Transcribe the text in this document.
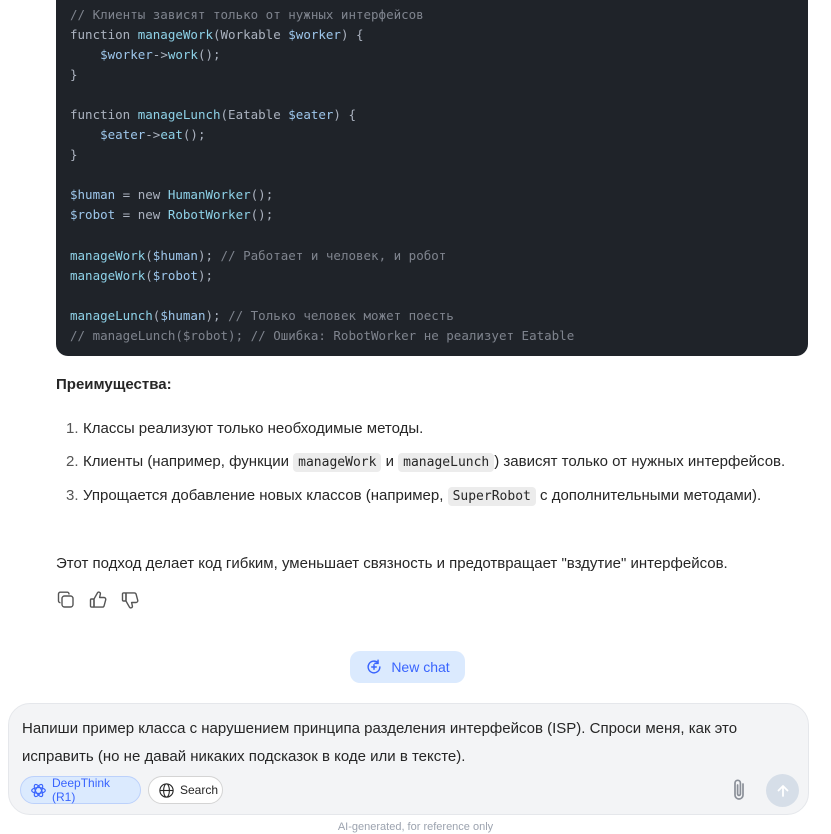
// Клиенты зависят только от нужных интерфейсов
function manageWork(Workable $worker) {
$worker->work();
}

function manageLunch(Eatable $eater) {
$eater->eat();
}

$human = new HumanWorker();
$robot = new RobotWorker();

manageWork($human); // Работает и человек, и робот
manageWork($robot);

manageLunch($human); // Только человек может поесть
// manageLunch($robot); // Ошибка: RobotWorker не реализует Eatable

Преимущества:

1. Классы реализуют только необходимые методы.
2. Клиенты (например, функции manageWork и manageLunch ) зависят только от нужных интерфейсов.
3. Упрощается добавление новых классов (например, SuperRobot с дополнительными методами).

Этот подход делает код гибким, уменьшает связность и предотвращает "вздутие" интерфейсов.

New chat

Напиши пример класса с нарушением принципа разделения интерфейсов (ISP). Спроси меня, как это исправить (но не давай никаких подсказок в коде или в тексте).

DeepThink (R1)	Search
AI-generated, for reference only
